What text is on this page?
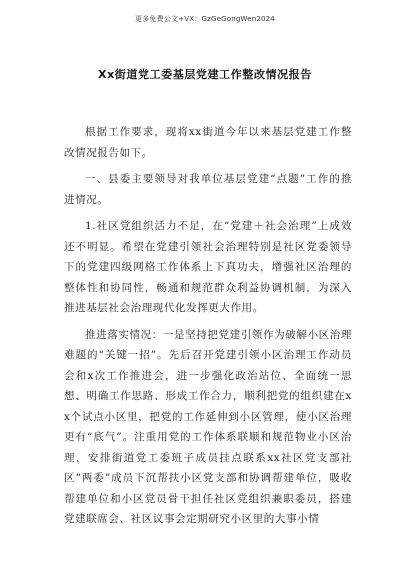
更多免费公文+VX：GzGeGongWen2024
Xx街道党工委基层党建工作整改情况报告

根据工作要求，现将xx街道今年以来基层党建工作整改情况报告如下。

一、县委主要领导对我单位基层党建“点题”工作的推进情况。

1.社区党组织活力不足，在“党建＋社会治理”上成效还不明显。希望在党建引领社会治理特别是社区党委领导下的党建四级网格工作体系上下真功夫，增强社区治理的整体性和协同性，畅通和规范群众利益协调机制，为深入推进基层社会治理现代化发挥更大作用。

推进落实情况：一是坚持把党建引领作为破解小区治理难题的“关键一招”。先后召开党建引领小区治理工作动员会和x次工作推进会，进一步强化政治站位、全面统一思想、明确工作思路、形成工作合力，顺利把党的组织建在xx个试点小区里，把党的工作延伸到小区管理，使小区治理更有“底气”。注重用党的工作体系联顺和规范物业小区治理，安排街道党工委班子成员挂点联系xx社区党支部社区“两委”成员下沉帮扶小区党支部和协调帮建单位，吸收帮建单位和小区党员骨干担任社区党组织兼职委员，搭建党建联席会、社区议事会定期研究小区里的大事小情
